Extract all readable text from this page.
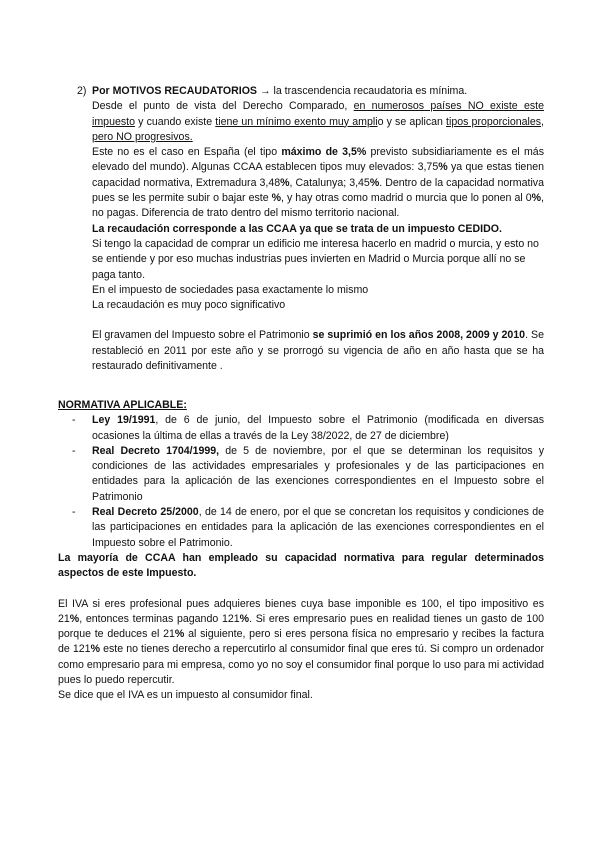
2) Por MOTIVOS RECAUDATORIOS → la trascendencia recaudatoria es mínima.

Desde el punto de vista del Derecho Comparado, en numerosos países NO existe este impuesto y cuando existe tiene un mínimo exento muy amplio y se aplican tipos proporcionales, pero NO progresivos.

Este no es el caso en España (el tipo máximo de 3,5% previsto subsidiariamente es el más elevado del mundo). Algunas CCAA establecen tipos muy elevados: 3,75% ya que estas tienen capacidad normativa, Extremadura 3,48%, Catalunya; 3,45%. Dentro de la capacidad normativa pues se les permite subir o bajar este %, y hay otras como madrid o murcia que lo ponen al 0%, no pagas. Diferencia de trato dentro del mismo territorio nacional.

La recaudación corresponde a las CCAA ya que se trata de un impuesto CEDIDO.

Si tengo la capacidad de comprar un edificio me interesa hacerlo en madrid o murcia, y esto no se entiende y por eso muchas industrias pues invierten en Madrid o Murcia porque allí no se paga tanto.

En el impuesto de sociedades pasa exactamente lo mismo

La recaudación es muy poco significativo

El gravamen del Impuesto sobre el Patrimonio se suprimió en los años 2008, 2009 y 2010. Se restableció en 2011 por este año y se prorrogó su vigencia de año en año hasta que se ha restaurado definitivamente .

NORMATIVA APLICABLE:

- Ley 19/1991, de 6 de junio, del Impuesto sobre el Patrimonio (modificada en diversas ocasiones la última de ellas a través de la Ley 38/2022, de 27 de diciembre)
- Real Decreto 1704/1999, de 5 de noviembre, por el que se determinan los requisitos y condiciones de las actividades empresariales y profesionales y de las participaciones en entidades para la aplicación de las exenciones correspondientes en el Impuesto sobre el Patrimonio
- Real Decreto 25/2000, de 14 de enero, por el que se concretan los requisitos y condiciones de las participaciones en entidades para la aplicación de las exenciones correspondientes en el Impuesto sobre el Patrimonio.

La mayoría de CCAA han empleado su capacidad normativa para regular determinados aspectos de este Impuesto.

El IVA si eres profesional pues adquieres bienes cuya base imponible es 100, el tipo impositivo es 21%, entonces terminas pagando 121%. Si eres empresario pues en realidad tienes un gasto de 100 porque te deduces el 21% al siguiente, pero si eres persona física no empresario y recibes la factura de 121% este no tienes derecho a repercutirlo al consumidor final que eres tú. Si compro un ordenador como empresario para mi empresa, como yo no soy el consumidor final porque lo uso para mi actividad pues lo puedo repercutir.

Se dice que el IVA es un impuesto al consumidor final.
